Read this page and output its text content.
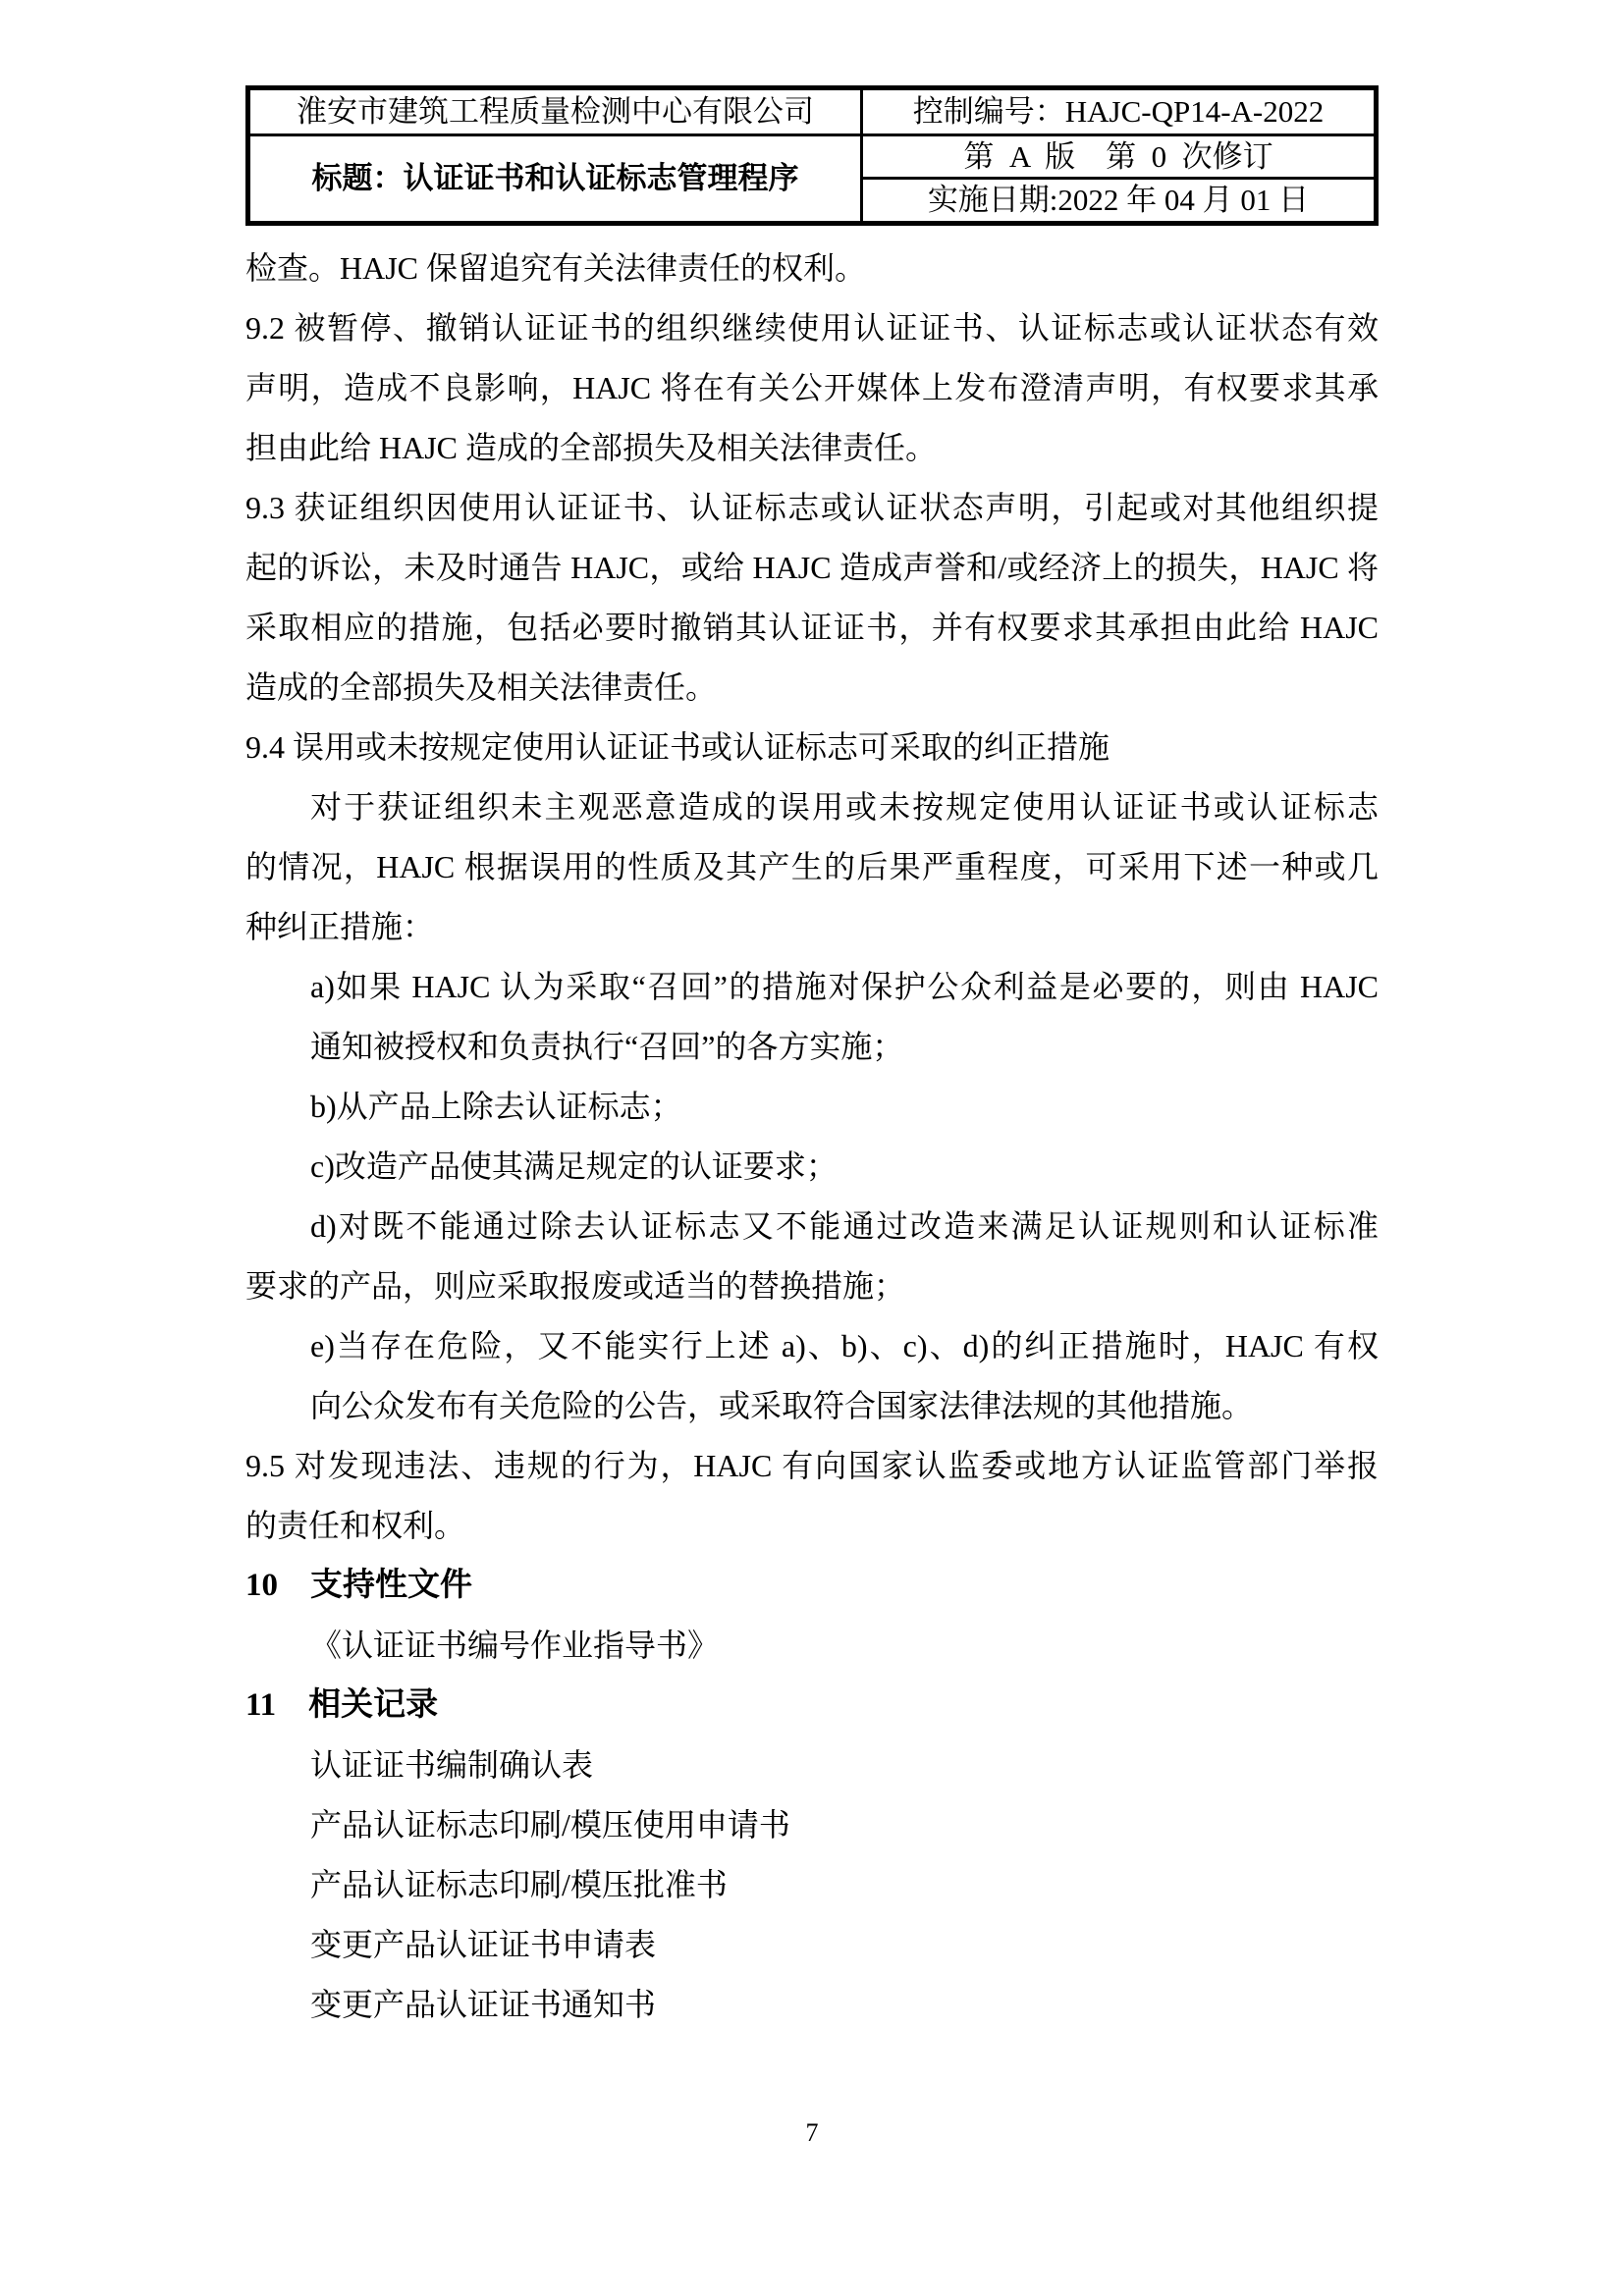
淮安市建筑工程质量检测中心有限公司	控制编号：HAJC-QP14-A-2022
标题：认证证书和认证标志管理程序	第  A  版    第  0  次修订
	实施日期:2022 年 04 月 01 日
检查。HAJC 保留追究有关法律责任的权利。
9.2 被暂停、撤销认证证书的组织继续使用认证证书、认证标志或认证状态有效
声明，造成不良影响，HAJC 将在有关公开媒体上发布澄清声明，有权要求其承
担由此给 HAJC 造成的全部损失及相关法律责任。
9.3 获证组织因使用认证证书、认证标志或认证状态声明，引起或对其他组织提
起的诉讼，未及时通告 HAJC，或给 HAJC 造成声誉和/或经济上的损失，HAJC 将
采取相应的措施，包括必要时撤销其认证证书，并有权要求其承担由此给 HAJC
造成的全部损失及相关法律责任。
9.4 误用或未按规定使用认证证书或认证标志可采取的纠正措施
对于获证组织未主观恶意造成的误用或未按规定使用认证证书或认证标志
的情况，HAJC 根据误用的性质及其产生的后果严重程度，可采用下述一种或几
种纠正措施：
a)如果 HAJC 认为采取“召回”的措施对保护公众利益是必要的，则由 HAJC
通知被授权和负责执行“召回”的各方实施；
b)从产品上除去认证标志；
c)改造产品使其满足规定的认证要求；
d)对既不能通过除去认证标志又不能通过改造来满足认证规则和认证标准
要求的产品，则应采取报废或适当的替换措施；
e)当存在危险，又不能实行上述 a)、b)、c)、d)的纠正措施时，HAJC 有权
向公众发布有关危险的公告，或采取符合国家法律法规的其他措施。
9.5 对发现违法、违规的行为，HAJC 有向国家认监委或地方认证监管部门举报
的责任和权利。
10　支持性文件
《认证证书编号作业指导书》
11　相关记录
认证证书编制确认表
产品认证标志印刷/模压使用申请书
产品认证标志印刷/模压批准书
变更产品认证证书申请表
变更产品认证证书通知书
7
